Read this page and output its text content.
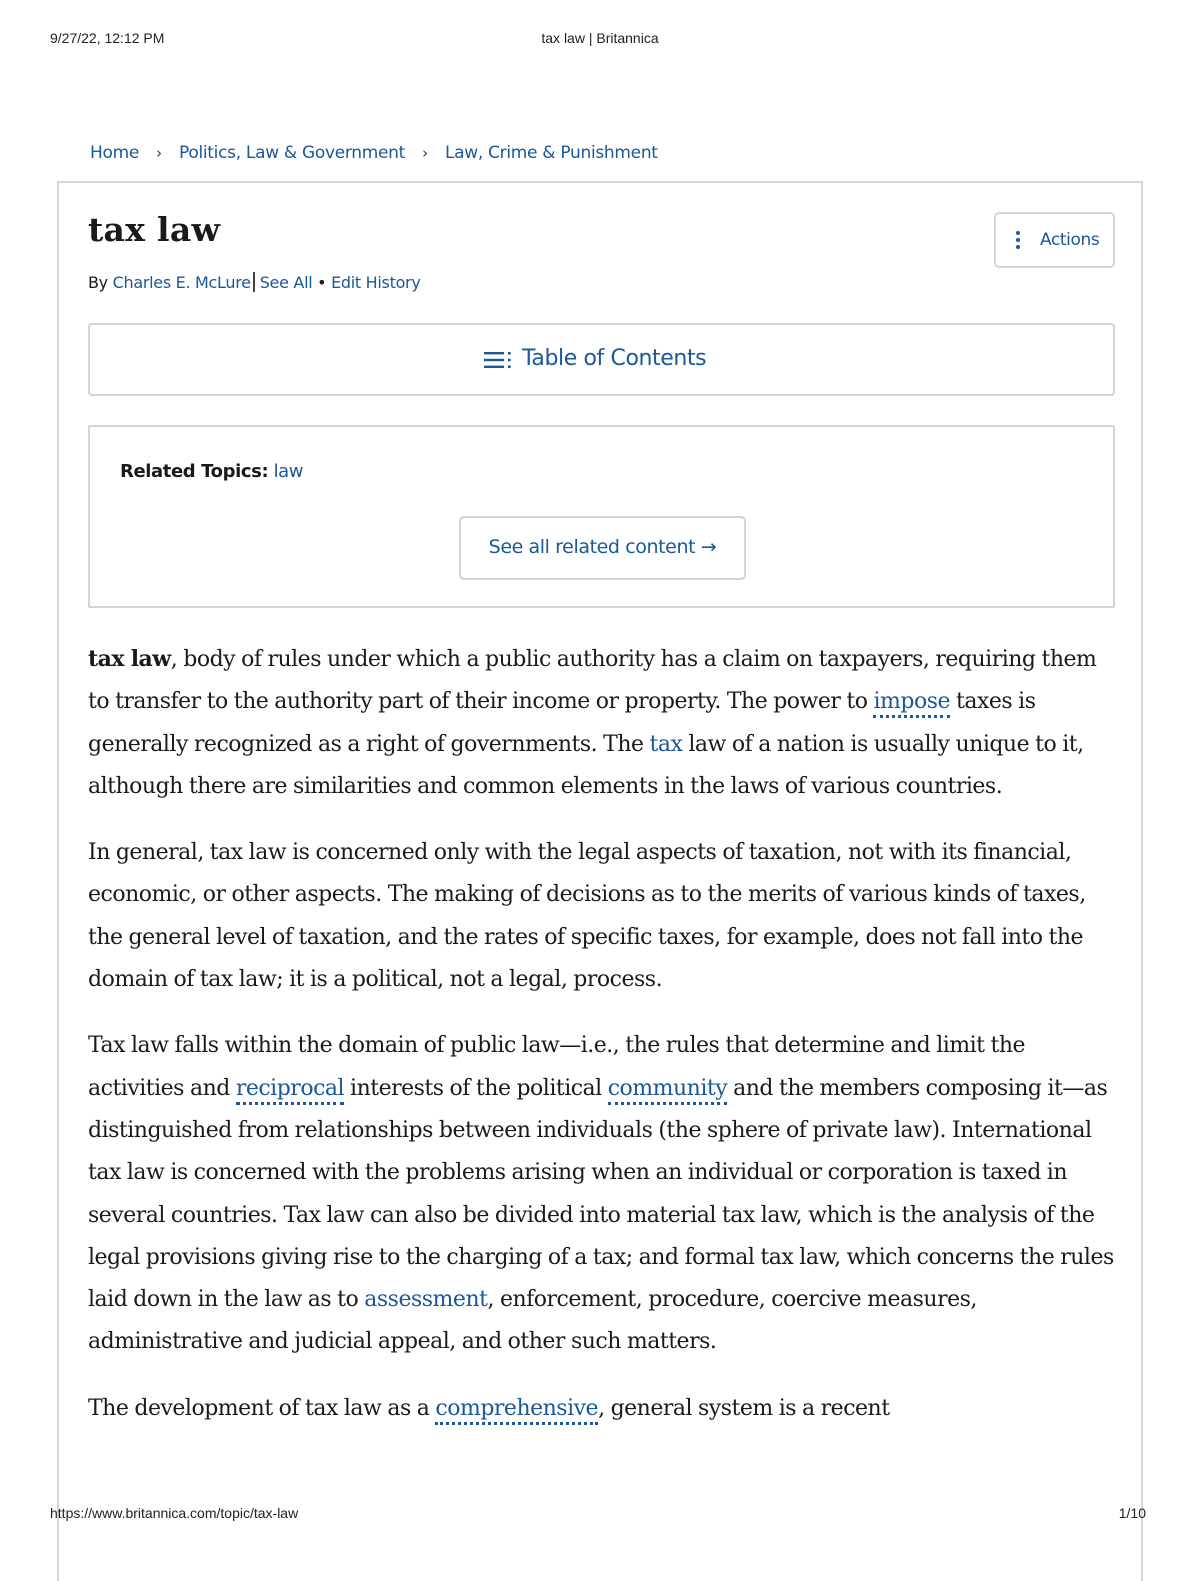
9/27/22, 12:12 PM	tax law | Britannica
Home › Politics, Law & Government › Law, Crime & Punishment
tax law
By Charles E. McLure See All • Edit History
Actions
Table of Contents
Related Topics: law
See all related content →

tax law, body of rules under which a public authority has a claim on taxpayers, requiring them to transfer to the authority part of their income or property. The power to impose taxes is generally recognized as a right of governments. The tax law of a nation is usually unique to it, although there are similarities and common elements in the laws of various countries.

In general, tax law is concerned only with the legal aspects of taxation, not with its financial, economic, or other aspects. The making of decisions as to the merits of various kinds of taxes, the general level of taxation, and the rates of specific taxes, for example, does not fall into the domain of tax law; it is a political, not a legal, process.

Tax law falls within the domain of public law—i.e., the rules that determine and limit the activities and reciprocal interests of the political community and the members composing it—as distinguished from relationships between individuals (the sphere of private law). International tax law is concerned with the problems arising when an individual or corporation is taxed in several countries. Tax law can also be divided into material tax law, which is the analysis of the legal provisions giving rise to the charging of a tax; and formal tax law, which concerns the rules laid down in the law as to assessment, enforcement, procedure, coercive measures, administrative and judicial appeal, and other such matters.

The development of tax law as a comprehensive, general system is a recent

https://www.britannica.com/topic/tax-law	1/10
